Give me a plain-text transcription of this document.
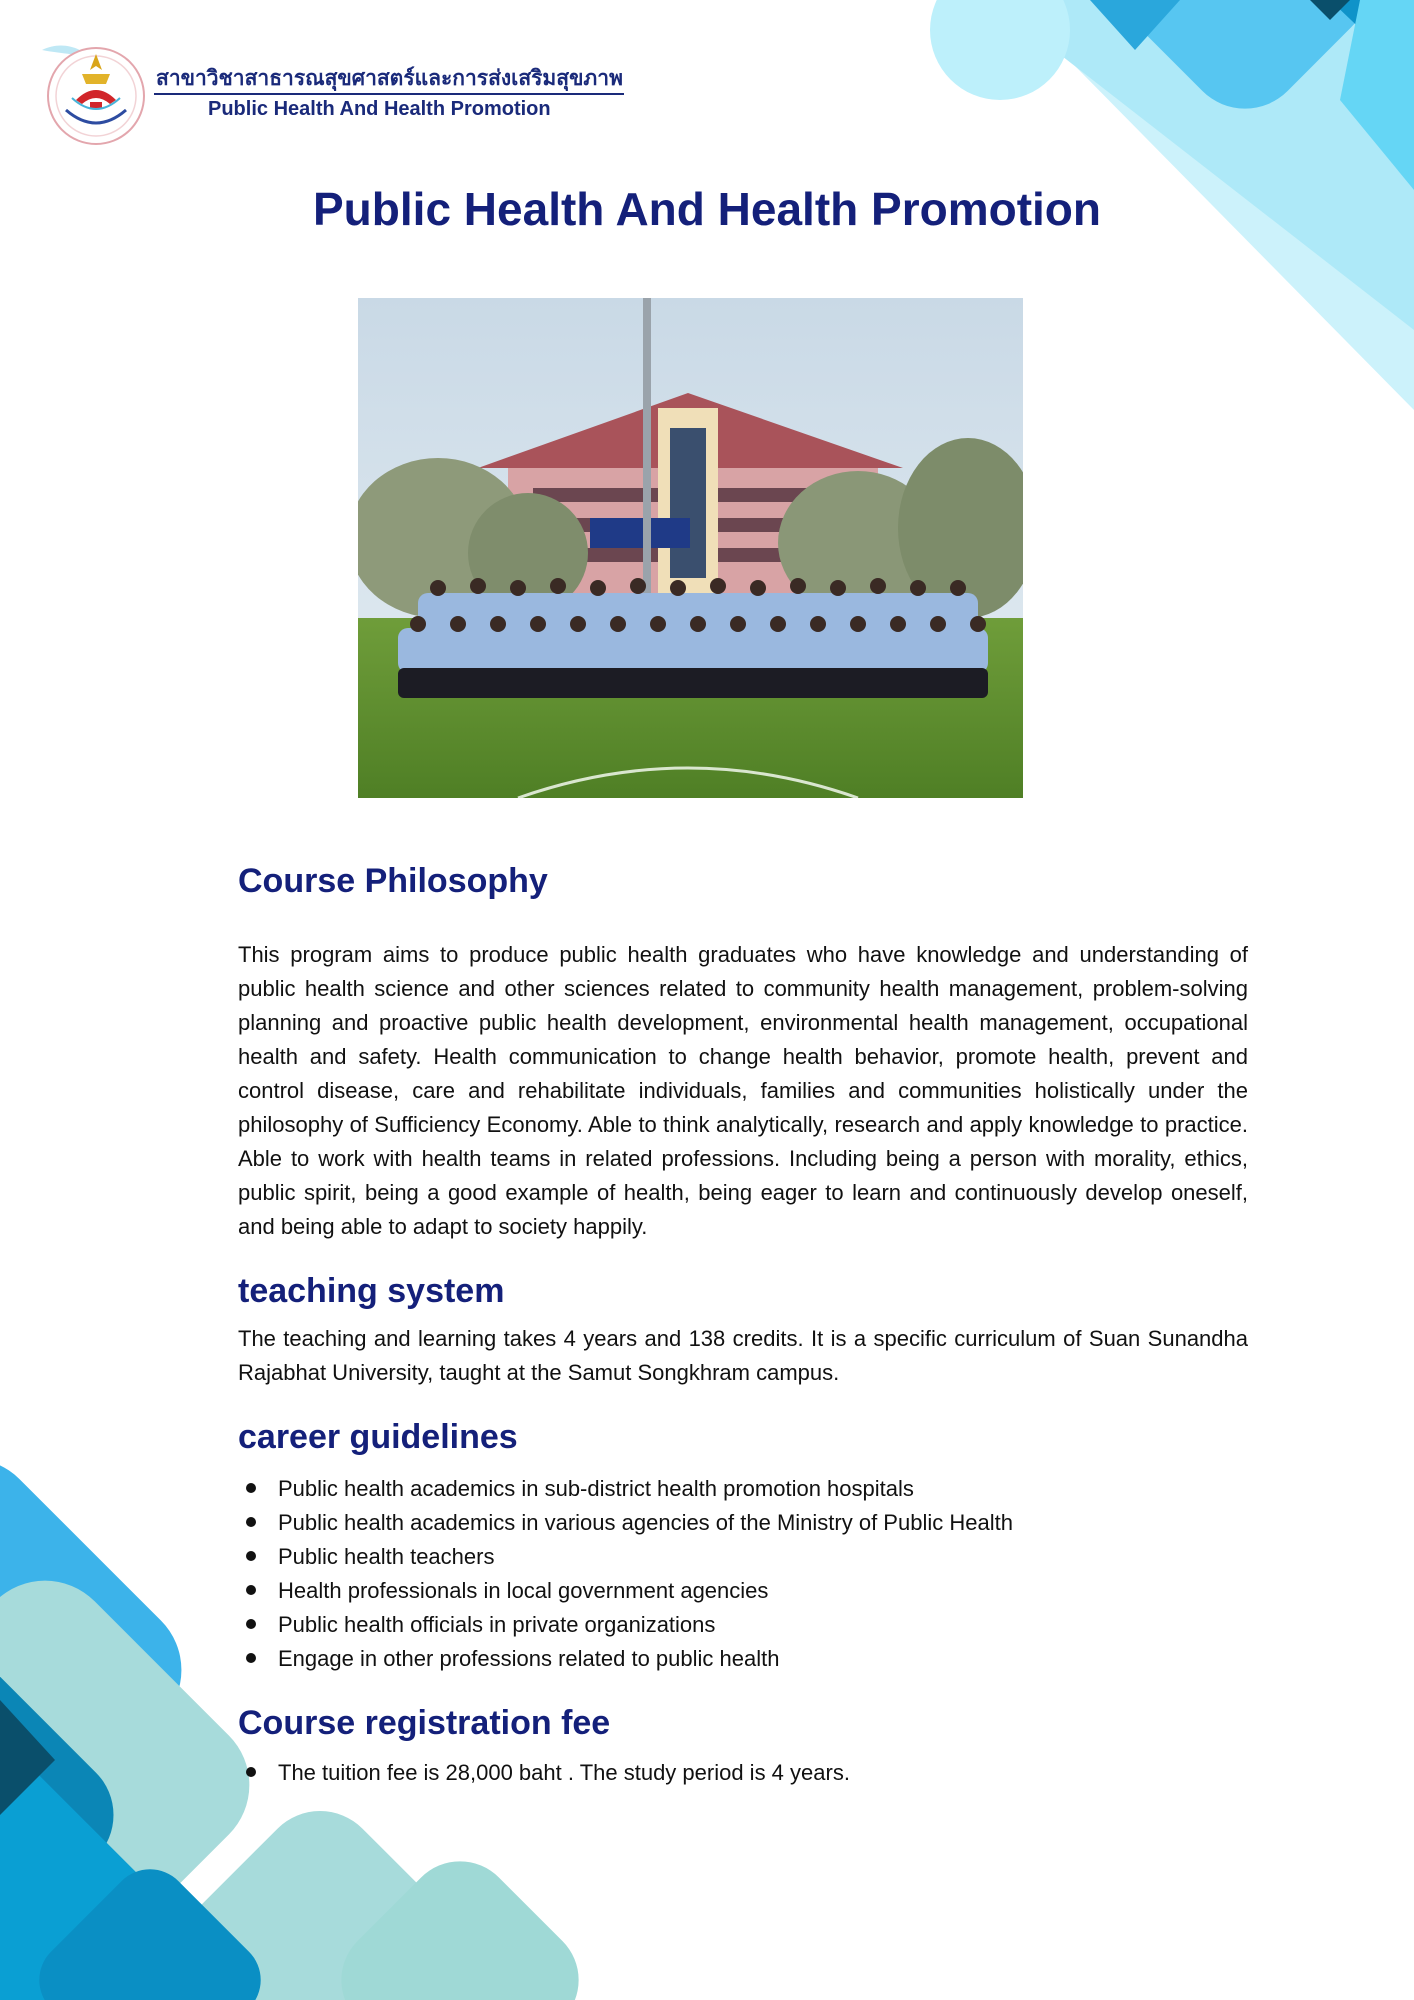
สาขาวิชาสาธารณสุขศาสตร์และการส่งเสริมสุขภาพ
Public Health And Health Promotion
Public Health And Health Promotion
Course Philosophy

This program aims to produce public health graduates who have knowledge and understanding of public health science and other sciences related to community health management, problem-solving planning and proactive public health development, environmental health management, occupational health and safety. Health communication to change health behavior, promote health, prevent and control disease, care and rehabilitate individuals, families and communities holistically under the philosophy of Sufficiency Economy. Able to think analytically, research and apply knowledge to practice. Able to work with health teams in related professions. Including being a person with morality, ethics, public spirit, being a good example of health, being eager to learn and continuously develop oneself, and being able to adapt to society happily.

teaching system

The teaching and learning takes 4 years and 138 credits. It is a specific curriculum of Suan Sunandha Rajabhat University, taught at the Samut Songkhram campus.

career guidelines
Public health academics in sub-district health promotion hospitals
Public health academics in various agencies of the Ministry of Public Health
Public health teachers
Health professionals in local government agencies
Public health officials in private organizations
Engage in other professions related to public health
Course registration fee
The tuition fee is 28,000 baht . The study period is 4 years.
